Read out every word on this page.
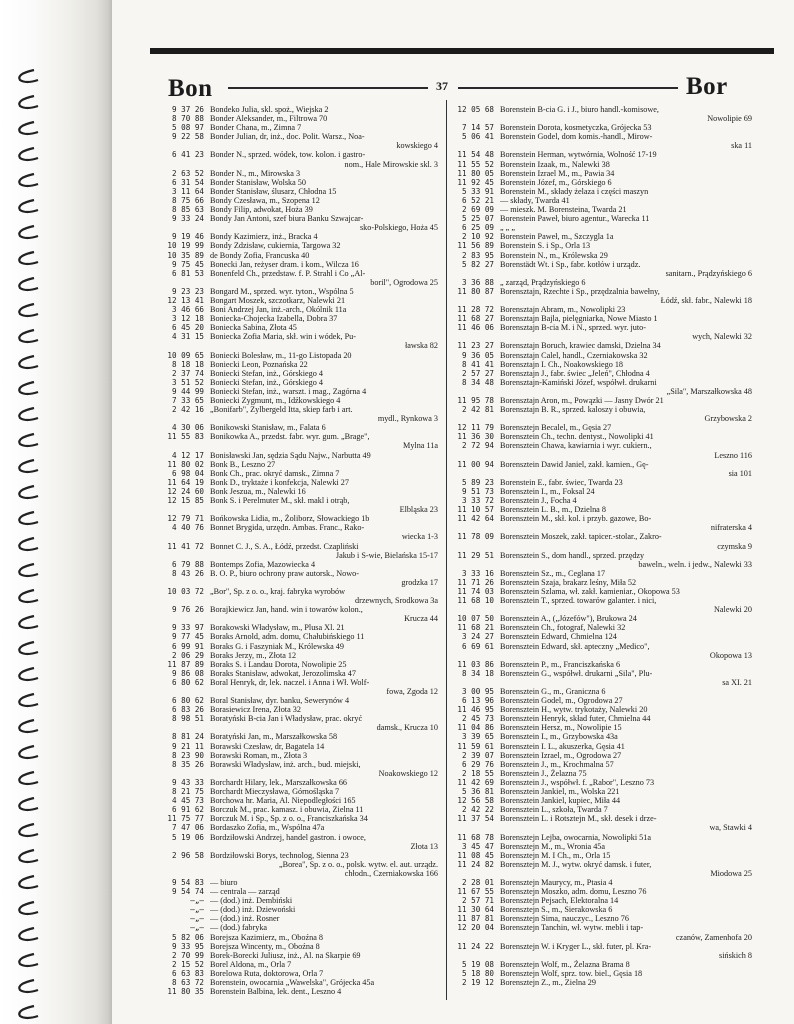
Bon	37	Bor
9 37 26 Bondeko Julia, skl. spoż., Wiejska 2
8 70 88 Bonder Aleksander, m., Filtrowa 70
5 08 97 Bonder Chana, m., Zimna 7
9 22 58 Bonder Julian, dr, inż., doc. Polit. Warsz., Noa-
kowskiego 4
6 41 23 Bonder N., sprzed. wódek, tow. kolon. i gastro-
nom., Hale Mirowskie skl. 3
2 63 52 Bonder N., m., Mirowska 3
6 31 54 Bonder Stanisław, Wolska 50
3 11 64 Bonder Stanisław, ślusarz, Chłodna 15
8 75 66 Bondy Czesława, m., Szopena 12
8 85 63 Bondy Filip, adwokat, Hoża 39
9 33 24 Bondy Jan Antoni, szef biura Banku Szwajcar-
sko-Polskiego, Hoża 45
9 19 46 Bondy Kazimierz, inż., Bracka 4
10 19 99 Bondy Zdzisław, cukiernia, Targowa 32
10 35 89 de Bondy Zofia, Francuska 40
9 75 45 Bonecki Jan, reżyser dram. i kom., Wilcza 16
6 81 53 Bonenfeld Ch., przedstaw. f. P. Strahl i Co „Al-
boril", Ogrodowa 25
9 23 23 Bongard M., sprzed. wyr. tyton., Wspólna 5
12 13 41 Bongart Moszek, szczotkarz, Nalewki 21
3 46 66 Boni Andrzej Jan, inż.-arch., Okólnik 11a
3 12 18 Boniecka-Chojecka Izabella, Dobra 37
6 45 20 Boniecka Sabina, Złota 45
4 31 15 Boniecka Zofia Maria, skł. win i wódek, Pu-
ławska 82
10 09 65 Boniecki Bolesław, m., 11-go Listopada 20
8 18 18 Boniecki Leon, Poznańska 22
2 37 74 Boniecki Stefan, inż., Górskiego 4
3 51 52 Boniecki Stefan, inż., Górskiego 4
9 44 99 Boniecki Stefan, inż., warszt. i mag., Zagórna 4
7 33 65 Boniecki Zygmunt, m., Idźkowskiego 4
2 42 16 „Bonifarb", Zylbergeld Itta, skiep farb i art.
mydl., Rynkowa 3
4 30 06 Bonikowski Stanisław, m., Falata 6
11 55 83 Bonikowka A., przedst. fabr. wyr. gum. „Brage",
Mylna 11a
4 12 17 Bonisławski Jan, sędzia Sądu Najw., Narbutta 49
11 80 02 Bonk B., Leszno 27
6 98 04 Bonk Ch., prac. okryć damsk., Zimna 7
11 64 19 Bonk D., tryktaże i konfekcja, Nalewki 27
12 24 60 Bonk Jeszua, m., Nalewki 16
12 15 85 Bonk S. i Perelmuter M., skł. makl i otrąb,
Elbląska 23
12 79 71 Bońkowska Lidia, m., Żoliborz, Słowackiego 1b
4 40 76 Bonnet Brygida, urzędn. Ambas. Franc., Rako-
wiecka 1-3
11 41 72 Bonnet C. J., S. A., Łódź, przedst. Czapliński
Jakub i S-wie, Bielańska 15-17
6 79 88 Bontemps Zofia, Mazowiecka 4
8 43 26 B. O. P., biuro ochrony praw autorsk., Nowo-
grodzka 17
10 03 72 „Bor", Sp. z o. o., kraj. fabryka wyrobów
drzewnych, Srodkowa 3a
9 76 26 Borajkiewicz Jan, hand. win i towarów kolon.,
Krucza 44
9 33 97 Borakowski Władysław, m., Plusa Xl. 21
9 77 45 Boraks Arnold, adm. domu, Chałubińskiego 11
6 99 91 Boraks G. i Faszyniak M., Królewska 49
2 06 29 Boraks Jerzy, m., Złota 12
11 87 89 Boraks S. i Landau Dorota, Nowolipie 25
9 86 08 Boraks Stanisław, adwokat, Jerozolimska 47
6 80 62 Boral Henryk, dr, lek. naczel. i Anna i Wł. Wolf-
fowa, Zgoda 12
6 80 62 Boral Stanisław, dyr. banku, Sewerynów 4
6 83 26 Borasiewicz Irena, Złota 32
8 98 51 Boratyński B-cia Jan i Władysław, prac. okryć
damsk., Krucza 10
8 81 24 Boratyński Jan, m., Marszałkowska 58
9 21 11 Borawski Czesław, dr, Bagatela 14
8 23 90 Borawski Roman, m., Złota 3
8 35 26 Borawski Władysław, inż. arch., bud. miejski,
Noakowskiego 12
9 43 33 Borchardt Hilary, lek., Marszałkowska 66
8 21 75 Borchardt Mieczysława, Górnośląska 7
4 45 73 Borchowa hr. Maria, Al. Niepodległości 165
6 91 62 Borczuk M., prac. kamasz. i obuwia, Zielna 11
11 75 77 Borczuk M. i Sp., Sp. z o. o., Franciszkańska 34
7 47 06 Bordaszko Zofia, m., Wspólna 47a
5 19 06 Bordziłowski Andrzej, handel gastron. i owoce,
Złota 13
2 96 58 Bordziłowski Borys, technolog, Sienna 23
„Borea", Sp. z o. o., polsk. wytw. el. aut. urządz.
chłodn., Czerniakowska 166
9 54 83 — biuro
9 54 74 — centrala — zarząd
—„— — (dod.) inż. Dembiński
—„— — (dod.) inż. Dziewoński
—„— — (dod.) inż. Rosner
—„— — (dod.) fabryka
5 82 06 Borejsza Kazimierz, m., Oboźna 8
9 33 95 Borejsza Wincenty, m., Oboźna 8
2 70 99 Borek-Borecki Juliusz, inż., Al. na Skarpie 69
2 15 52 Borel Aldona, m., Orla 7
6 63 83 Borelowa Ruta, doktorowa, Orla 7
8 63 72 Borenstein, owocarnia „Wawelska", Grójecka 45a
11 80 35 Borenstein Balbina, lek. dent., Leszno 4
12 05 68 Borenstein B-cia G. i J., biuro handl.-komisowe,
Nowolipie 69
7 14 57 Borenstein Dorota, kosmetyczka, Grójecka 53
5 06 41 Borenstein Godel, dom komis.-handl., Mirow-
ska 11
11 54 48 Borenstein Herman, wytwórnia, Wolność 17-19
11 55 52 Borenstein Izaak, m., Nalewki 38
11 80 05 Borenstein Izrael M., m., Pawia 34
11 92 45 Borenstein Józef, m., Górskiego 6
5 33 91 Borenstein M., składy żelaza i części maszyn
6 52 21 — składy, Twarda 41
2 69 09 — mieszk. M. Borensteina, Twarda 21
5 25 07 Borenstein Paweł, biuro agentur., Warecka 11
6 25 09 „ „ „
2 10 92 Borenstein Paweł, m., Szczygla 1a
11 56 89 Borenstein S. i Sp., Orla 13
2 83 95 Borenstein N., m., Królewska 29
5 82 27 Borenstädt Wt. i Sp., fabr. kotłów i urządz.
sanitarn., Prądzyńskiego 6
3 36 88 „ zarząd, Prądzyńskiego 6
11 80 87 Borensztajn, Rzechte i Sp., przędzalnia bawełny,
Łódź, skł. fabr., Nalewki 18
11 28 72 Borensztajn Abram, m., Nowolipki 23
11 68 27 Borensztajn Bajla, pielęgniarka, Nowe Miasto 1
11 46 06 Borensztajn B-cia M. i N., sprzed. wyr. juto-
wych, Nalewki 32
11 23 27 Borensztajn Boruch, krawiec damski, Dzielna 34
9 36 05 Borensztajn Calel, handl., Czerniakowska 32
8 41 41 Borensztajn I. Ch., Noakowskiego 18
2 57 27 Borensztajn J., fabr. świec „Jeleń", Chłodna 4
8 34 48 Borensztajn-Kamiński Józef, współwł. drukarni
„Sila", Marszałkowska 48
11 95 78 Borensztajn Aron, m., Powązki — Jasny Dwór 21
2 42 81 Borensztajn B. R., sprzed. kaloszy i obuwia,
Grzybowska 2
12 11 79 Borensztejn Becalel, m., Gęsia 27
11 36 30 Borensztein Ch., techn. dentyst., Nowolipki 41
2 72 94 Borensztein Chawa, kawiarnia i wyr. cukiern.,
Leszno 116
11 00 94 Borensztein Dawid Janiel, zakł. kamien., Gę-
sia 101
5 89 23 Borenstein E., fabr. świec, Twarda 23
9 51 73 Borensztein I., m., Foksal 24
3 33 72 Borensztein J., Focha 4
11 10 57 Borensztein L. B., m., Dzielna 8
11 42 64 Borensztein M., skł. kol. i przyb. gazowe, Bo-
nifraterska 4
11 78 09 Borensztein Moszek, zakł. tapicer.-stolar., Zakro-
czymska 9
11 29 51 Borensztein S., dom handl., sprzed. przędzy
baweln., weln. i jedw., Nalewki 33
3 33 16 Borensztein Sz., m., Ceglana 17
11 71 26 Borensztein Szaja, brakarz leśny, Miła 52
11 74 03 Borensztein Szlama, wł. zakł. kamieniar., Okopowa 53
11 68 10 Borensztein T., sprzed. towarów galanter. i nici,
Nalewki 20
10 07 50 Borensztein A., („Józefów"), Brukowa 24
11 68 21 Borensztein Ch., fotograf, Nalewki 32
3 24 27 Borensztein Edward, Chmielna 124
6 69 61 Borensztein Edward, skł. apteczny „Medico",
Okopowa 13
11 03 86 Borensztein P., m., Franciszkańska 6
8 34 18 Borensztein G., współwł. drukarni „Sila", Plu-
sa XI. 21
3 00 95 Borensztein G., m., Graniczna 6
6 13 96 Borensztein Godel, m., Ogrodowa 27
11 46 95 Borensztein H., wytw. trykotaży, Nalewki 20
2 45 73 Borensztein Henryk, skład futer, Chmielna 44
11 04 86 Borensztein Hersz, m., Nowolipie 15
3 39 65 Borensztein I., m., Grzybowska 43a
11 59 61 Borensztein I. L., akuszerka, Gęsia 41
2 39 07 Borensztein Izrael, m., Ogrodowa 27
6 29 76 Borensztein J., m., Krochmalna 57
2 18 55 Borensztein J., Żelazna 75
11 42 69 Borensztein J., współwł. f. „Rabor", Leszno 73
5 36 81 Borensztein Jankiel, m., Wolska 221
12 56 58 Borensztein Jankiel, kupiec, Miła 44
2 42 22 Borensztein L., szkoła, Twarda 7
11 37 54 Borensztein L. i Rotsztejn M., skł. desek i drze-
wa, Stawki 4
11 68 78 Borensztejn Lejba, owocarnia, Nowolipki 51a
3 45 47 Borensztejn M., m., Wronia 45a
11 08 45 Borensztejn M. I Ch., m., Orla 15
11 24 82 Borensztejn M. J., wytw. okryć damsk. i futer,
Miodowa 25
2 28 01 Borensztejn Maurycy, m., Ptasia 4
11 67 55 Borensztejn Moszko, adm. domu, Leszno 76
2 57 71 Borensztejn Pejsach, Elektoralna 14
11 30 64 Borensztejn S., m., Sierakowska 6
11 87 81 Borensztejn Sima, nauczyc., Leszno 76
12 20 04 Borensztejn Tanchin, wł. wytw. mebli i tap-
czanów, Zamenhofa 20
11 24 22 Borensztejn W. i Kryger L., skł. futer, pl. Kra-
sińskich 8
5 19 08 Borensztejn Wolf, m., Żelazna Brama 8
5 18 80 Borensztejn Wolf, sprz. tow. biel., Gęsia 18
2 19 12 Borensztejn Z., m., Zielna 29
